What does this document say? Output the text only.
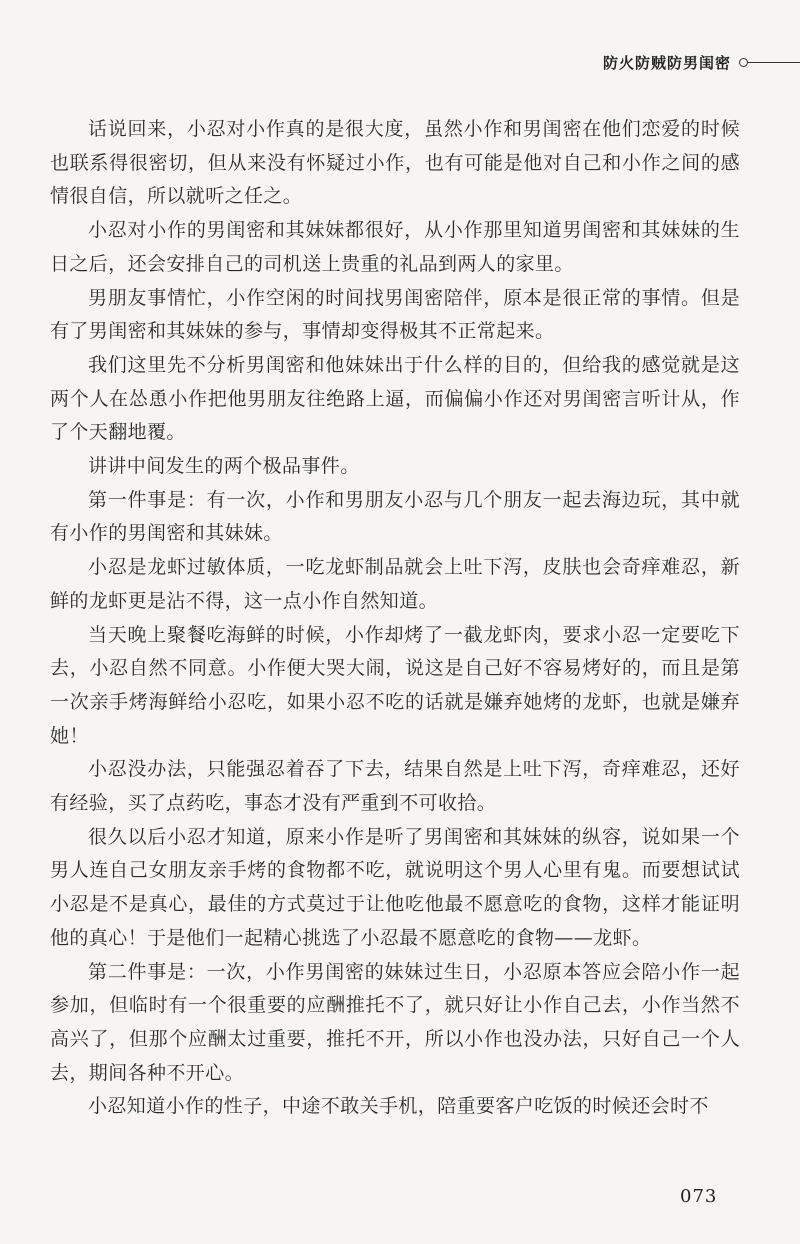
防火防贼防男闺密

话说回来，小忍对小作真的是很大度，虽然小作和男闺密在他们恋爱的时候也联系得很密切，但从来没有怀疑过小作，也有可能是他对自己和小作之间的感情很自信，所以就听之任之。

小忍对小作的男闺密和其妹妹都很好，从小作那里知道男闺密和其妹妹的生日之后，还会安排自己的司机送上贵重的礼品到两人的家里。

男朋友事情忙，小作空闲的时间找男闺密陪伴，原本是很正常的事情。但是有了男闺密和其妹妹的参与，事情却变得极其不正常起来。

我们这里先不分析男闺密和他妹妹出于什么样的目的，但给我的感觉就是这两个人在怂恿小作把他男朋友往绝路上逼，而偏偏小作还对男闺密言听计从，作了个天翻地覆。

讲讲中间发生的两个极品事件。

第一件事是：有一次，小作和男朋友小忍与几个朋友一起去海边玩，其中就有小作的男闺密和其妹妹。

小忍是龙虾过敏体质，一吃龙虾制品就会上吐下泻，皮肤也会奇痒难忍，新鲜的龙虾更是沾不得，这一点小作自然知道。

当天晚上聚餐吃海鲜的时候，小作却烤了一截龙虾肉，要求小忍一定要吃下去，小忍自然不同意。小作便大哭大闹，说这是自己好不容易烤好的，而且是第一次亲手烤海鲜给小忍吃，如果小忍不吃的话就是嫌弃她烤的龙虾，也就是嫌弃她！

小忍没办法，只能强忍着吞了下去，结果自然是上吐下泻，奇痒难忍，还好有经验，买了点药吃，事态才没有严重到不可收拾。

很久以后小忍才知道，原来小作是听了男闺密和其妹妹的纵容，说如果一个男人连自己女朋友亲手烤的食物都不吃，就说明这个男人心里有鬼。而要想试试小忍是不是真心，最佳的方式莫过于让他吃他最不愿意吃的食物，这样才能证明他的真心！于是他们一起精心挑选了小忍最不愿意吃的食物——龙虾。

第二件事是：一次，小作男闺密的妹妹过生日，小忍原本答应会陪小作一起参加，但临时有一个很重要的应酬推托不了，就只好让小作自己去，小作当然不高兴了，但那个应酬太过重要，推托不开，所以小作也没办法，只好自己一个人去，期间各种不开心。

小忍知道小作的性子，中途不敢关手机，陪重要客户吃饭的时候还会时不

073
